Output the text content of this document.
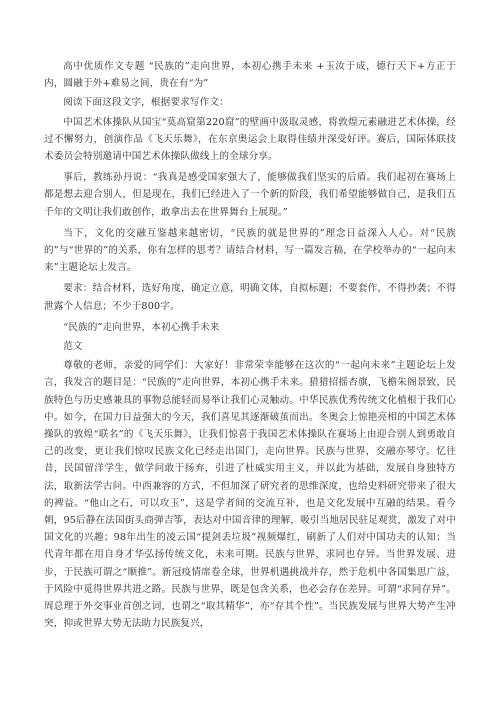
高中优质作文专题 “民族的”走向世界，本初心携手未来 +玉汝于成，德行天下+方正于内，圆融于外+难易之间，贵在有“为”

阅读下面这段文字，根据要求写作文：

中国艺术体操队从国宝“莫高窟第220窟”的壁画中汲取灵感，将敦煌元素融进艺术体操，经过不懈努力，创演作品《飞天乐舞》，在东京奥运会上取得佳绩并深受好评。赛后，国际体联技术委员会特别邀请中国艺术体操队做线上的全球分享。

事后，教练孙丹说：“我真是感受国家强大了，能够做我们坚实的后盾。我们起初在赛场上都是想去迎合别人，但是现在，我们已经进入了一个新的阶段，我们希望能够做自己，是我们五千年的文明让我们敢创作，敢拿出去在世界舞台上展现。”

当下，文化的交融互鉴越来越密切，“民族的就是世界的”理念日益深入人心。对“民族的”与“世界的”的关系，你有怎样的思考？请结合材料，写一篇发言稿，在学校举办的“一起向未来”主题论坛上发言。

要求：结合材料，选好角度，确定立意，明确文体，自拟标题；不要套作，不得抄袭；不得泄露个人信息；不少于800字。

“民族的”走向世界，本初心携手未来

范文

尊敬的老师，亲爱的同学们：大家好！非常荣幸能够在这次的“一起向未来”主题论坛上发言，我发言的题目是：“民族的”走向世界，本初心携手未来。猎猎招摇杏旗，飞檐朱阁景致，民族特色与历史感兼具的事物总能轻而易举让我们心灵触动。中华民族优秀传统文化植根于我们心中。如今，在国力日益强大的今天，我们喜见其逐渐破茧而出。冬奥会上惊艳亮相的中国艺术体操队的敦煌“联名”的《飞天乐舞》，让我们惊喜于我国艺术体操队在赛场上由迎合别人到勇敢自己的改变，更让我们惊叹民族文化已经走出国门，走向世界。民族与世界，交融亦琴守。忆往昔，民国留洋学生，做学问敢于扬弃，引进了杜威实用主义，并以此为基础，发展自身独特方法，取新法学古问。中西兼容的方式，不但加深了研究者的思维深度，也给史料研究带来了很大的裨益。“他山之石，可以攻玉”，这是学者间的交流互补，也是文化发展中互融的结果。看今朝，95后静在法国街头商弹吉筝，表达对中国音律的理解，吸引当地居民驻足观赏，激发了对中国文化的兴趣；98年出生的凌云国“提剑丢垃圾”视频爆红，刷新了人们对中国功夫的认知；当代青年都在用自身才华弘扬传统文化，未来可期。民族与世界，求同也存异。当世界发展、进步，于民族可谓之“顺推”。新冠疫情席卷全球，世界机遇挑战并存，然于危机中各国集思广益，于风险中觅得世界共进之路。民族与世界，既是包含关系，也必会存在差异。可谓“求同存异”。周总理于外交事业首创之词，也谓之“取其精华”，亦“存其个性”。当民族发展与世界大势产生冲突，抑或世界大势无法助力民族复兴，
